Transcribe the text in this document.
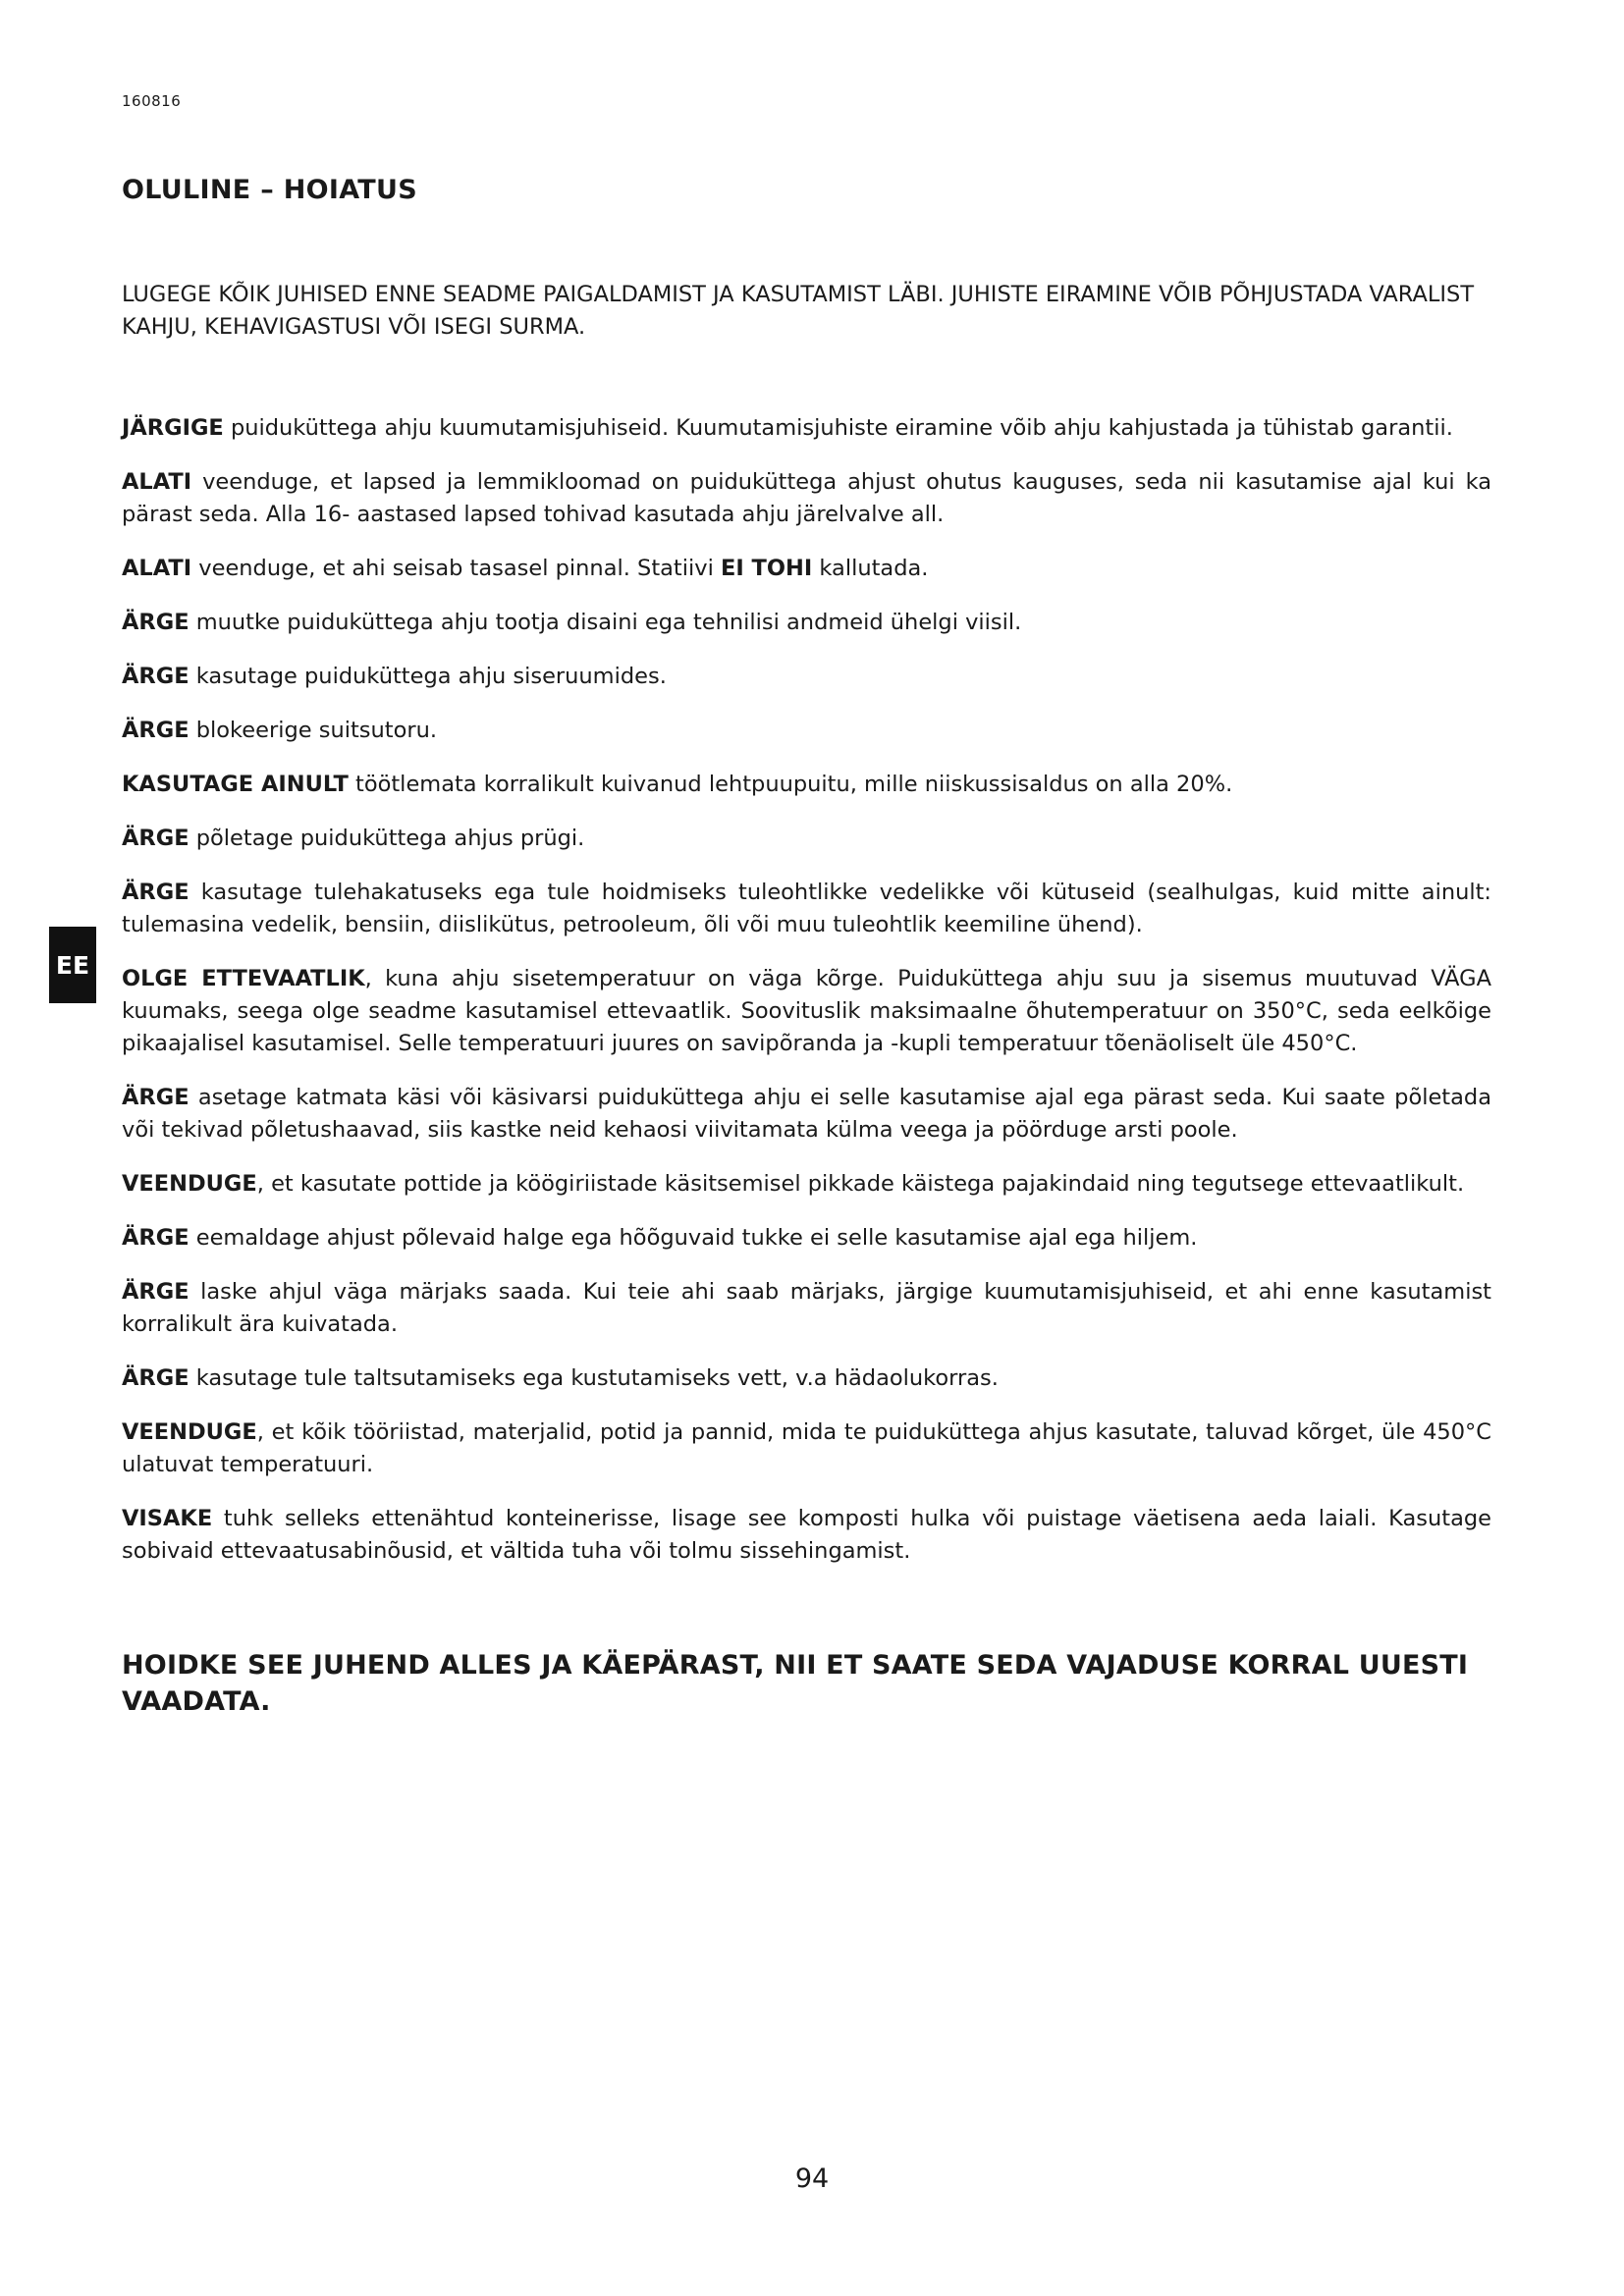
160816
OLULINE – HOIATUS

LUGEGE KÕIK JUHISED ENNE SEADME PAIGALDAMIST JA KASUTAMIST LÄBI. JUHISTE EIRAMINE VÕIB PÕHJUSTADA VARALIST KAHJU, KEHAVIGASTUSI VÕI ISEGI SURMA.

EE
JÄRGIGE puiduküttega ahju kuumutamisjuhiseid. Kuumutamisjuhiste eiramine võib ahju kahjustada ja tühistab garantii.
ALATI veenduge, et lapsed ja lemmikloomad on puiduküttega ahjust ohutus kauguses, seda nii kasutamise ajal kui ka pärast seda. Alla 16- aastased lapsed tohivad kasutada ahju järelvalve all.
ALATI veenduge, et ahi seisab tasasel pinnal. Statiivi EI TOHI kallutada.
ÄRGE muutke puiduküttega ahju tootja disaini ega tehnilisi andmeid ühelgi viisil.
ÄRGE kasutage puiduküttega ahju siseruumides.
ÄRGE blokeerige suitsutoru.
KASUTAGE AINULT töötlemata korralikult kuivanud lehtpuupuitu, mille niiskussisaldus on alla 20%.
ÄRGE põletage puiduküttega ahjus prügi.
ÄRGE kasutage tulehakatuseks ega tule hoidmiseks tuleohtlikke vedelikke või kütuseid (sealhulgas, kuid mitte ainult: tulemasina vedelik, bensiin, diislikütus, petrooleum, õli või muu tuleohtlik keemiline ühend).
OLGE ETTEVAATLIK, kuna ahju sisetemperatuur on väga kõrge. Puiduküttega ahju suu ja sisemus muutuvad VÄGA kuumaks, seega olge seadme kasutamisel ettevaatlik. Soovituslik maksimaalne õhutemperatuur on 350°C, seda eelkõige pikaajalisel kasutamisel. Selle temperatuuri juures on savipõranda ja -kupli temperatuur tõenäoliselt üle 450°C.
ÄRGE asetage katmata käsi või käsivarsi puiduküttega ahju ei selle kasutamise ajal ega pärast seda. Kui saate põletada või tekivad põletushaavad, siis kastke neid kehaosi viivitamata külma veega ja pöörduge arsti poole.
VEENDUGE, et kasutate pottide ja köögiriistade käsitsemisel pikkade käistega pajakindaid ning tegutsege ettevaatlikult.
ÄRGE eemaldage ahjust põlevaid halge ega hõõguvaid tukke ei selle kasutamise ajal ega hiljem.
ÄRGE laske ahjul väga märjaks saada. Kui teie ahi saab märjaks, järgige kuumutamisjuhiseid, et ahi enne kasutamist korralikult ära kuivatada.
ÄRGE kasutage tule taltsutamiseks ega kustutamiseks vett, v.a hädaolukorras.
VEENDUGE, et kõik tööriistad, materjalid, potid ja pannid, mida te puiduküttega ahjus kasutate, taluvad kõrget, üle 450°C ulatuvat temperatuuri.
VISAKE tuhk selleks ettenähtud konteinerisse, lisage see komposti hulka või puistage väetisena aeda laiali. Kasutage sobivaid ettevaatusabinõusid, et vältida tuha või tolmu sissehingamist.
HOIDKE SEE JUHEND ALLES JA KÄEPÄRAST, NII ET SAATE SEDA VAJADUSE KORRAL UUESTI VAADATA.
94
